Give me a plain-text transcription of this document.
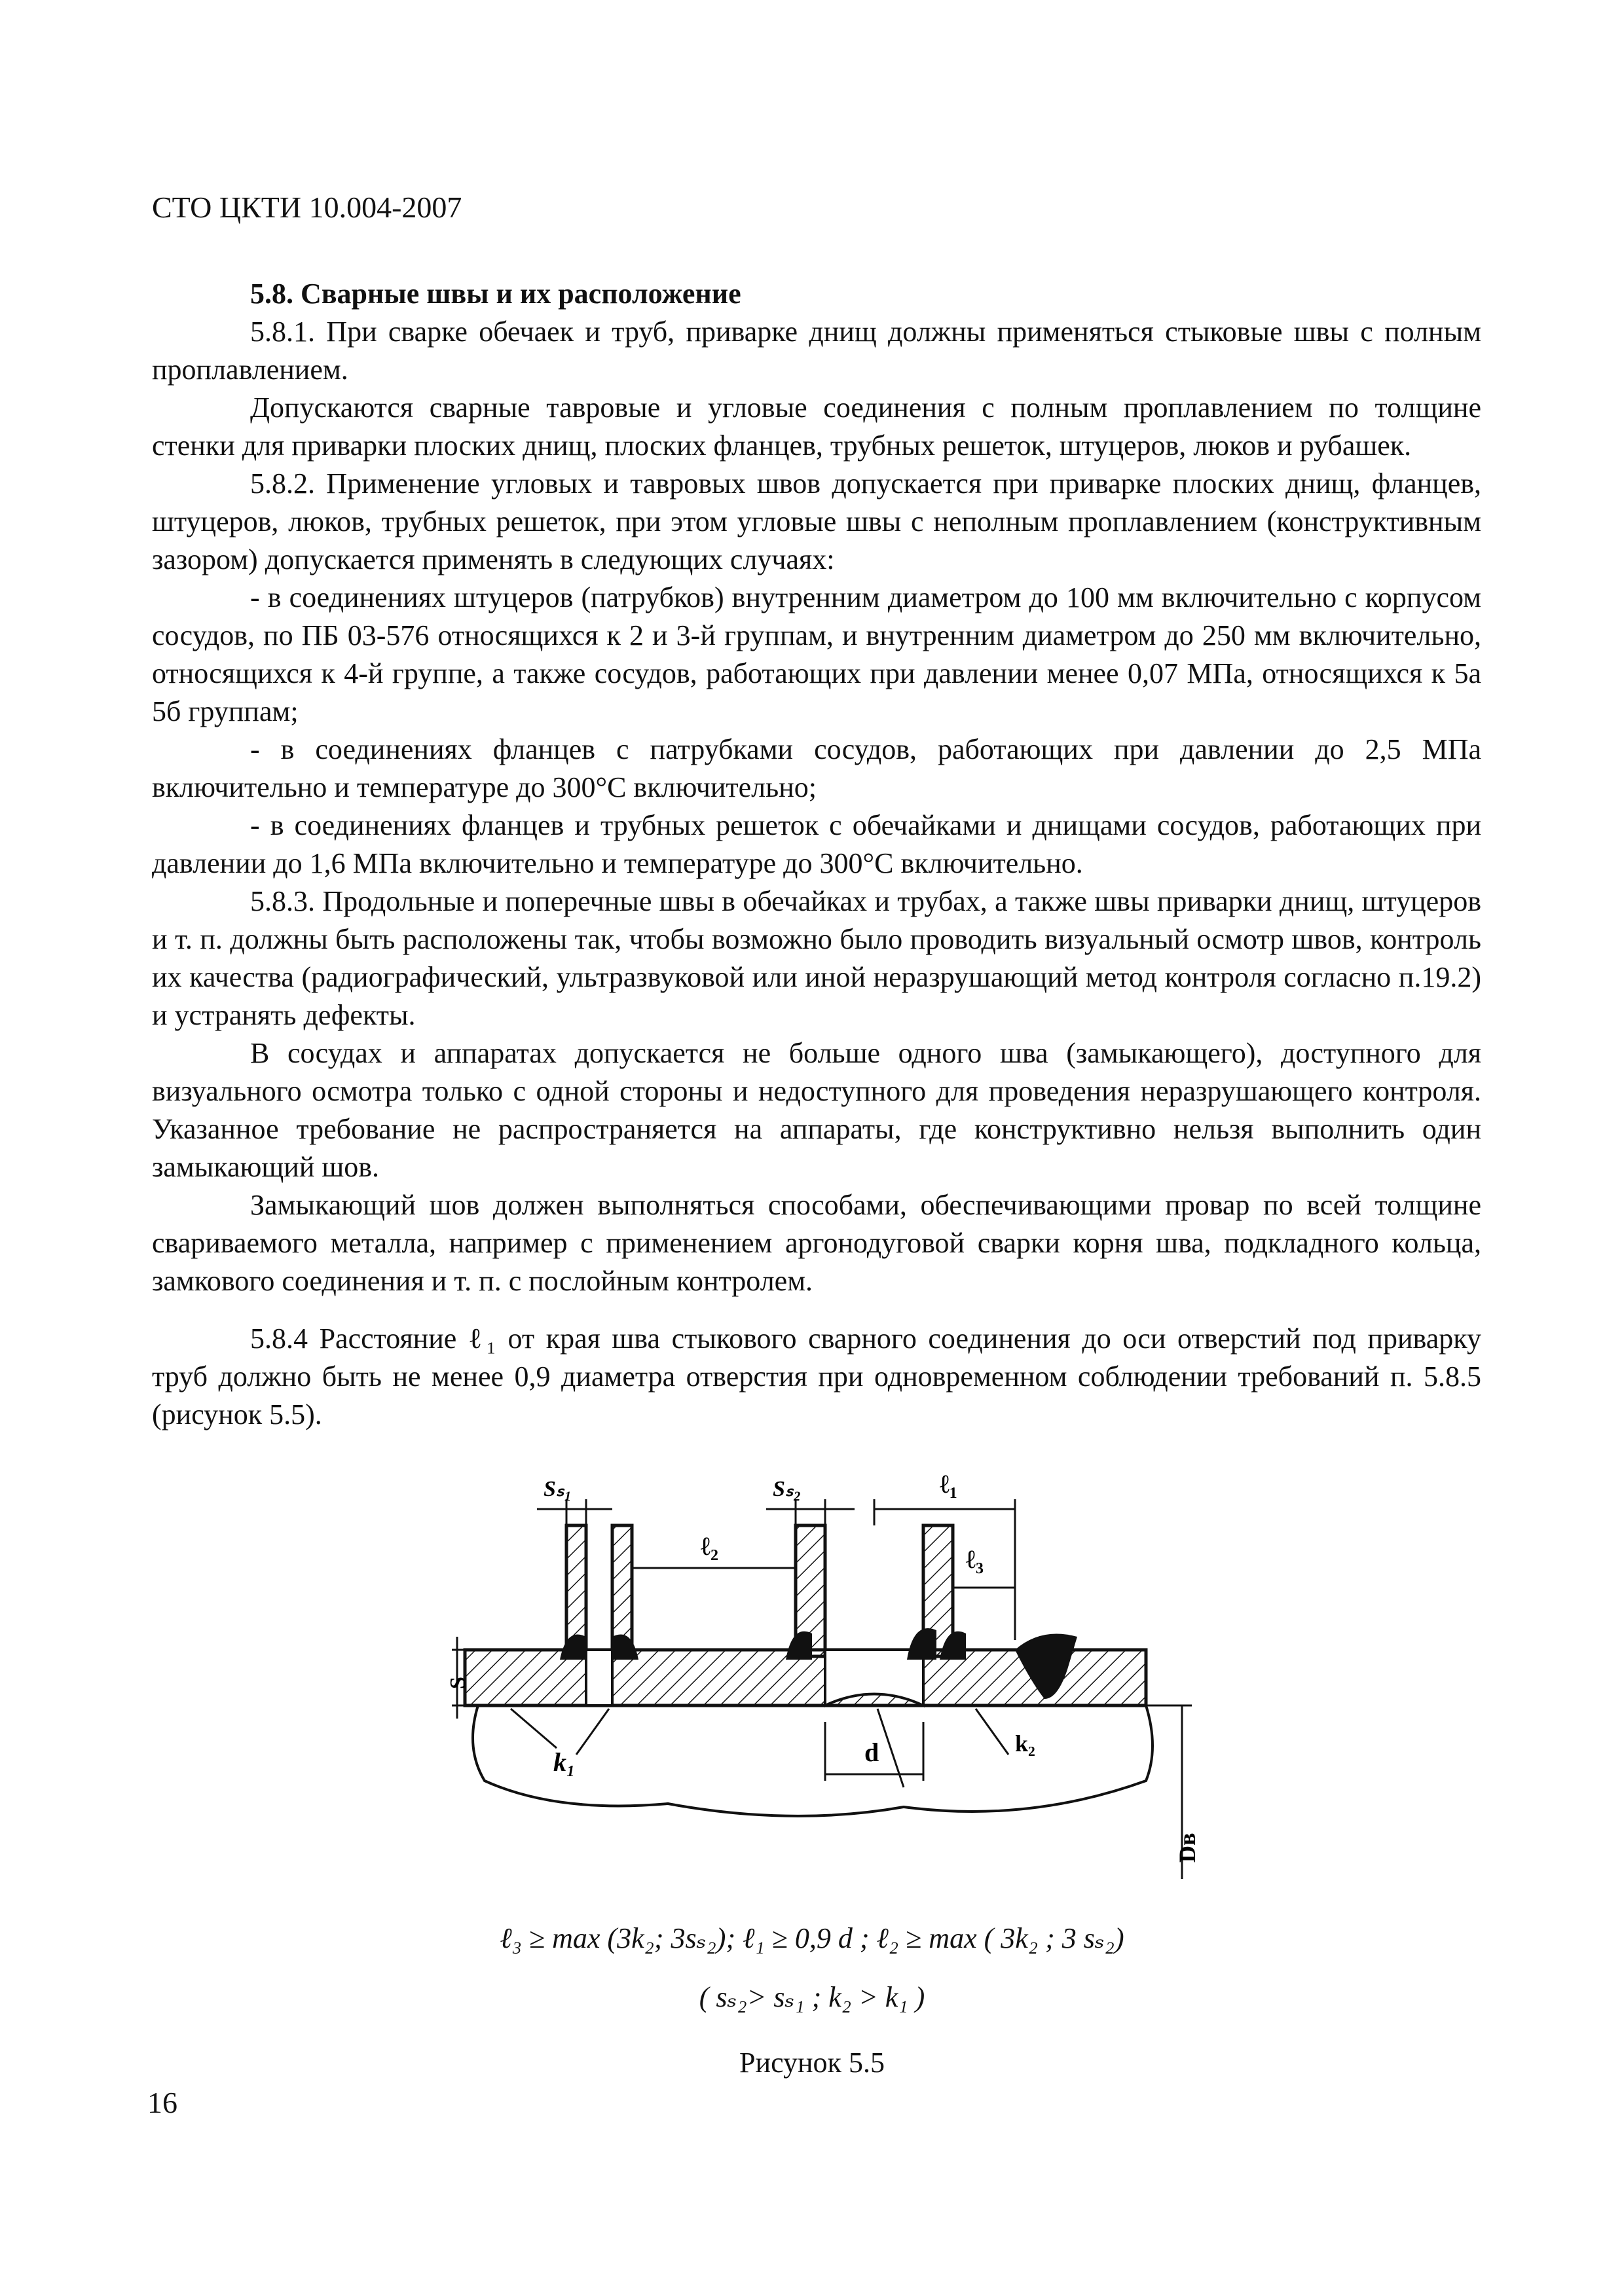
СТО ЦКТИ 10.004-2007

5.8. Сварные швы и их расположение

5.8.1. При сварке обечаек и труб, приварке днищ должны применяться стыковые швы с полным проплавлением.

Допускаются сварные тавровые и угловые соединения с полным проплавлением по толщине стенки для приварки плоских днищ, плоских фланцев, трубных решеток, штуцеров, люков и рубашек.

5.8.2. Применение угловых и тавровых швов допускается при приварке плоских днищ, фланцев, штуцеров, люков, трубных решеток, при этом угловые швы с неполным проплавлением (конструктивным зазором) допускается применять в следующих случаях:

- в соединениях штуцеров (патрубков) внутренним диаметром до 100 мм включительно с корпусом сосудов, по ПБ 03-576 относящихся к 2 и 3-й группам, и внутренним диаметром до 250 мм включительно, относящихся к 4-й группе, а также сосудов, работающих при давлении менее 0,07 МПа, относящихся к 5а 5б группам;

- в соединениях фланцев с патрубками сосудов, работающих при давлении до 2,5 МПа включительно и температуре до 300°С включительно;

- в соединениях фланцев и трубных решеток с обечайками и днищами сосудов, работающих при давлении до 1,6 МПа включительно и температуре до 300°С включительно.

5.8.3. Продольные и поперечные швы в обечайках и трубах, а также швы приварки днищ, штуцеров и т. п. должны быть расположены так, чтобы возможно было проводить визуальный осмотр швов, контроль их качества (радиографический, ультразвуковой или иной неразрушающий метод контроля согласно п.19.2) и устранять дефекты.

В сосудах и аппаратах допускается не больше одного шва (замыкающего), доступного для визуального осмотра только с одной стороны и недоступного для проведения неразрушающего контроля. Указанное требование не распространяется на аппараты, где конструктивно нельзя выполнить один замыкающий шов.

Замыкающий шов должен выполняться способами, обеспечивающими провар по всей толщине свариваемого металла, например с применением аргонодуговой сварки корня шва, подкладного кольца, замкового соединения и т. п. с послойным контролем.

5.8.4 Расстояние ℓ₁ от края шва стыкового сварного соединения до оси отверстий под приварку труб должно быть не менее 0,9 диаметра отверстия при одновременном соблюдении требований п. 5.8.5 (рисунок 5.5).

Sₛ₁	Sₛ₂	ℓ₁
ℓ₂	ℓ₃
S
k₁
k₂
d
Dв
ℓ₃ ≥ max (3k₂; 3sₛ₂); ℓ₁ ≥ 0,9 d ; ℓ₂ ≥ max ( 3k₂ ; 3 sₛ₂)
( sₛ₂> sₛ₁ ; k₂ > k₁ )
Рисунок 5.5
16
